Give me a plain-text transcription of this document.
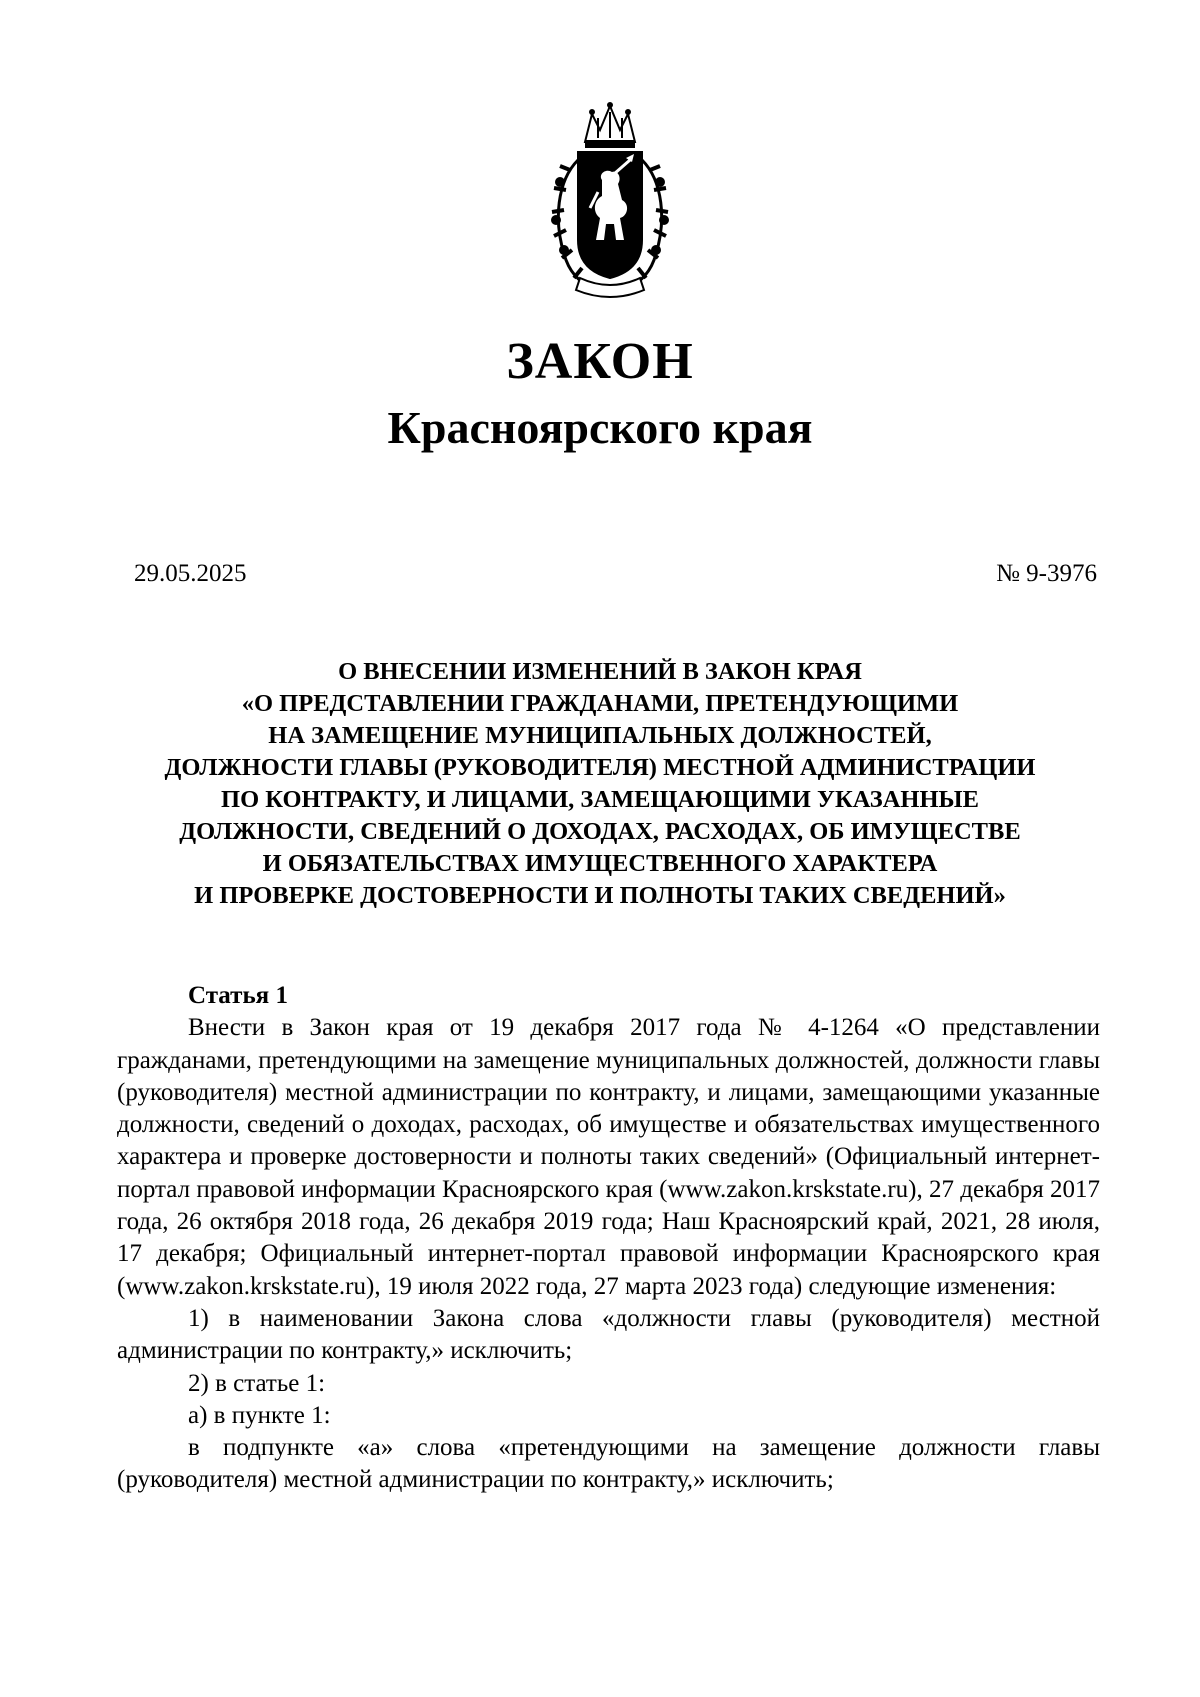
ЗАКОН
Красноярского края
29.05.2025	№ 9-3976
О ВНЕСЕНИИ ИЗМЕНЕНИЙ В ЗАКОН КРАЯ
«О ПРЕДСТАВЛЕНИИ ГРАЖДАНАМИ, ПРЕТЕНДУЮЩИМИ
НА ЗАМЕЩЕНИЕ МУНИЦИПАЛЬНЫХ ДОЛЖНОСТЕЙ,
ДОЛЖНОСТИ ГЛАВЫ (РУКОВОДИТЕЛЯ) МЕСТНОЙ АДМИНИСТРАЦИИ
ПО КОНТРАКТУ, И ЛИЦАМИ, ЗАМЕЩАЮЩИМИ УКАЗАННЫЕ
ДОЛЖНОСТИ, СВЕДЕНИЙ О ДОХОДАХ, РАСХОДАХ, ОБ ИМУЩЕСТВЕ
И ОБЯЗАТЕЛЬСТВАХ ИМУЩЕСТВЕННОГО ХАРАКТЕРА
И ПРОВЕРКЕ ДОСТОВЕРНОСТИ И ПОЛНОТЫ ТАКИХ СВЕДЕНИЙ»
Статья 1

Внести в Закон края от 19 декабря 2017 года № 4-1264 «О представлении гражданами, претендующими на замещение муниципальных должностей, должности главы (руководителя) местной администрации по контракту, и лицами, замещающими указанные должности, сведений о доходах, расходах, об имуществе и обязательствах имущественного характера и проверке достоверности и полноты таких сведений» (Официальный интернет-портал правовой информации Красноярского края (www.zakon.krskstate.ru), 27 декабря 2017 года, 26 октября 2018 года, 26 декабря 2019 года; Наш Красноярский край, 2021, 28 июля, 17 декабря; Официальный интернет-портал правовой информации Красноярского края (www.zakon.krskstate.ru), 19 июля 2022 года, 27 марта 2023 года) следующие изменения:

1) в наименовании Закона слова «должности главы (руководителя) местной администрации по контракту,» исключить;

2) в статье 1:

а) в пункте 1:

в подпункте «а» слова «претендующими на замещение должности главы (руководителя) местной администрации по контракту,» исключить;
